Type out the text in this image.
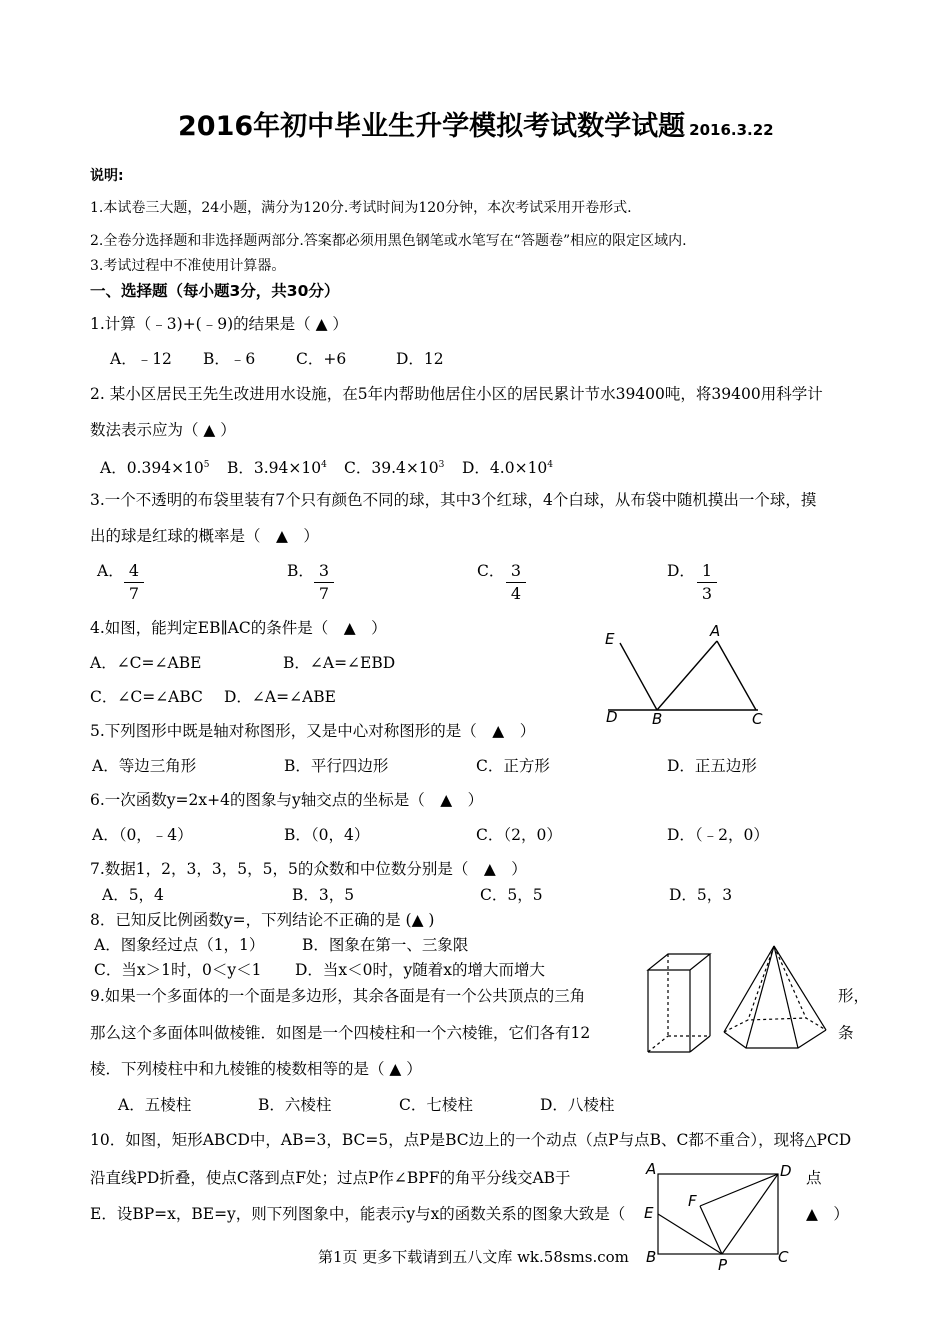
2016年初中毕业生升学模拟考试数学试题 2016.3.22
说明:
1.本试卷三大题，24小题，满分为120分.考试时间为120分钟，本次考试采用开卷形式.
2.全卷分选择题和非选择题两部分.答案都必须用黑色钢笔或水笔写在“答题卷”相应的限定区域内.
3.考试过程中不准使用计算器。
一、选择题（每小题3分，共30分）
1.计算（﹣3)+(﹣9)的结果是（ ▲ ）
A．﹣12 B．﹣6	C．+6	D．12
2. 某小区居民王先生改进用水设施，在5年内帮助他居住小区的居民累计节水39400吨，将39400用科学计
数法表示应为（ ▲ ）
A．$0.394\times 10^5$ B．$3.94\times 10^4$ C．$39.4\times 10^3$ D．$4.0\times 10^4$
3.一个不透明的布袋里装有7个只有颜色不同的球，其中3个红球，4个白球，从布袋中随机摸出一个球，摸
出的球是红球的概率是（　▲　）
A． $\frac{4}{7}$	B． $\frac{3}{7}$	C． $\frac{3}{4}$	D． $\frac{1}{3}$
4.如图，能判定EB∥AC的条件是（　▲　）
A．∠C=∠ABE	B．∠A=∠EBD
C．∠C=∠ABC D．∠A=∠ABE
E	A
D B	C
5.下列图形中既是轴对称图形，又是中心对称图形的是（　▲　）
A．等边三角形	B．平行四边形	C．正方形	D．正五边形
6.一次函数y=2x+4的图象与y轴交点的坐标是（　▲　）
A．（0，﹣4）	B．（0，4）	C．（2，0）	D．（﹣2，0）
7.数据1，2，3，3，5，5，5的众数和中位数分别是（　▲　）
A．5，4	B．3，5	C．5，5	D．5，3
8．已知反比例函数y=，下列结论不正确的是 (▲ )
A．图象经过点（1，1） B．图象在第一、三象限
C．当x＞1时，0＜y＜1 D．当x＜0时，y随着x的增大而增大
9.如果一个多面体的一个面是多边形，其余各面是有一个公共顶点的三角	形，
那么这个多面体叫做棱锥．如图是一个四棱柱和一个六棱锥，它们各有12	条
棱．下列棱柱中和九棱锥的棱数相等的是（ ▲ ）
A．五棱柱	B．六棱柱	C．七棱柱	D．八棱柱
10．如图，矩形ABCD中，AB=3，BC=5，点P是BC边上的一个动点（点P与点B、C都不重合），现将△PCD
沿直线PD折叠，使点C落到点F处；过点P作∠BPF的角平分线交AB于	点
E．设BP=x，BE=y，则下列图象中，能表示y与x的函数关系的图象大致是（	▲　）
A	D
F
E
B	P	C
第1页 更多下载请到五八文库 wk.58sms.com
